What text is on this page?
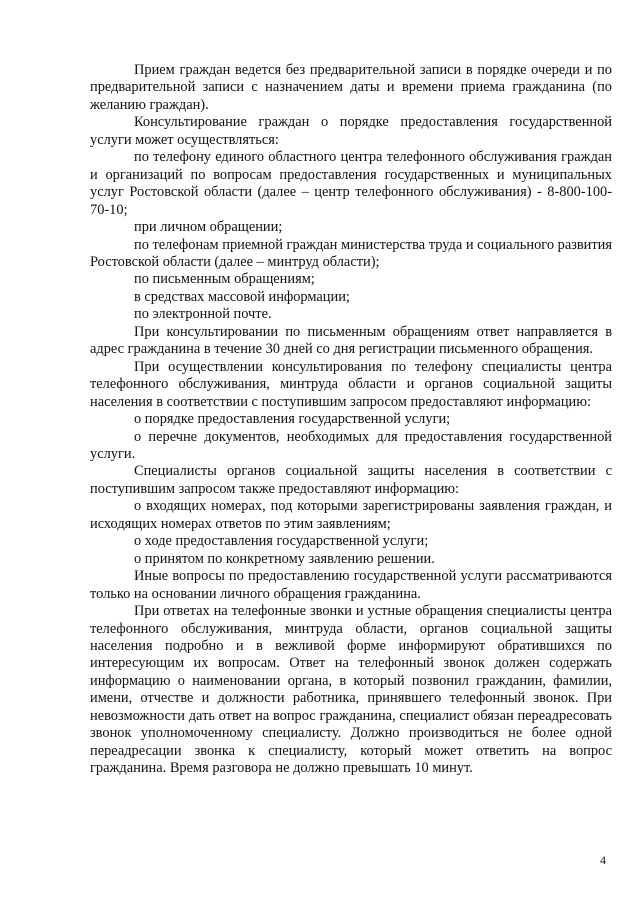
Прием граждан ведется без предварительной записи в порядке очереди и по предварительной записи с назначением даты и времени приема гражданина (по желанию граждан).

Консультирование граждан о порядке предоставления государственной услуги может осуществляться:

по телефону единого областного центра телефонного обслуживания граждан и организаций по вопросам предоставления государственных и муниципальных услуг Ростовской области (далее – центр телефонного обслуживания) - 8-800-100-70-10;

при личном обращении;

по телефонам приемной граждан министерства труда и социального развития Ростовской области (далее – минтруд области);

по письменным обращениям;

в средствах массовой информации;

по электронной почте.

При консультировании по письменным обращениям ответ направляется в адрес гражданина в течение 30 дней со дня регистрации письменного обращения.

При осуществлении консультирования по телефону специалисты центра телефонного обслуживания, минтруда области и органов социальной защиты населения в соответствии с поступившим запросом предоставляют информацию:

о порядке предоставления государственной услуги;

о перечне документов, необходимых для предоставления государственной услуги.

Специалисты органов социальной защиты населения в соответствии с поступившим запросом также предоставляют информацию:

о входящих номерах, под которыми зарегистрированы заявления граждан, и исходящих номерах ответов по этим заявлениям;

о ходе предоставления государственной услуги;

о принятом по конкретному заявлению решении.

Иные вопросы по предоставлению государственной услуги рассматриваются только на основании личного обращения гражданина.

При ответах на телефонные звонки и устные обращения специалисты центра телефонного обслуживания, минтруда области, органов социальной защиты населения подробно и в вежливой форме информируют обратившихся по интересующим их вопросам. Ответ на телефонный звонок должен содержать информацию о наименовании органа, в который позвонил гражданин, фамилии, имени, отчестве и должности работника, принявшего телефонный звонок. При невозможности дать ответ на вопрос гражданина, специалист обязан переадресовать звонок уполномоченному специалисту. Должно производиться не более одной переадресации звонка к специалисту, который может ответить на вопрос гражданина. Время разговора не должно превышать 10 минут.

4
